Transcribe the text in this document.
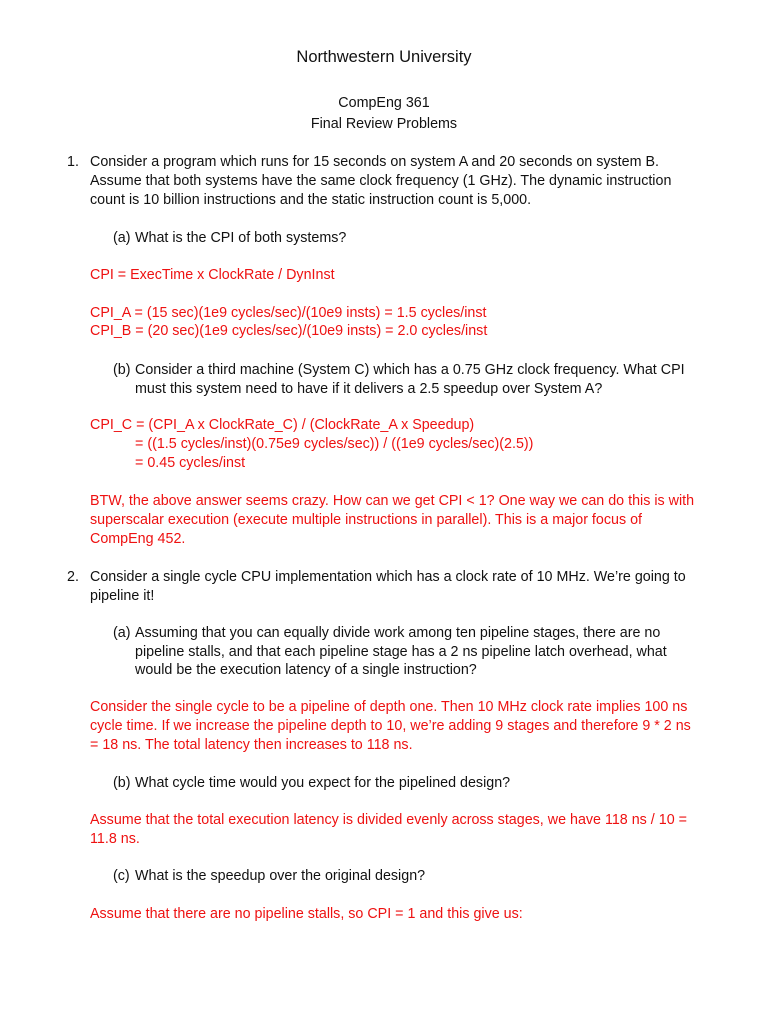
Northwestern University
CompEng 361
Final Review Problems
1. Consider a program which runs for 15 seconds on system A and 20 seconds on system B.
Assume that both systems have the same clock frequency (1 GHz). The dynamic instruction
count is 10 billion instructions and the static instruction count is 5,000.
(a) What is the CPI of both systems?
CPI = ExecTime x ClockRate / DynInst
CPI_A = (15 sec)(1e9 cycles/sec)/(10e9 insts) = 1.5 cycles/inst
CPI_B = (20 sec)(1e9 cycles/sec)/(10e9 insts) = 2.0 cycles/inst
(b) Consider a third machine (System C) which has a 0.75 GHz clock frequency. What CPI
must this system need to have if it delivers a 2.5 speedup over System A?
CPI_C = (CPI_A x ClockRate_C) / (ClockRate_A x Speedup)
= ((1.5 cycles/inst)(0.75e9 cycles/sec)) / ((1e9 cycles/sec)(2.5))
= 0.45 cycles/inst
BTW, the above answer seems crazy. How can we get CPI < 1? One way we can do this is with
superscalar execution (execute multiple instructions in parallel). This is a major focus of
CompEng 452.
2. Consider a single cycle CPU implementation which has a clock rate of 10 MHz. We’re going to
pipeline it!
(a) Assuming that you can equally divide work among ten pipeline stages, there are no
pipeline stalls, and that each pipeline stage has a 2 ns pipeline latch overhead, what
would be the execution latency of a single instruction?
Consider the single cycle to be a pipeline of depth one. Then 10 MHz clock rate implies 100 ns
cycle time. If we increase the pipeline depth to 10, we’re adding 9 stages and therefore 9 * 2 ns
= 18 ns. The total latency then increases to 118 ns.
(b) What cycle time would you expect for the pipelined design?
Assume that the total execution latency is divided evenly across stages, we have 118 ns / 10 =
11.8 ns.
(c) What is the speedup over the original design?
Assume that there are no pipeline stalls, so CPI = 1 and this give us:
